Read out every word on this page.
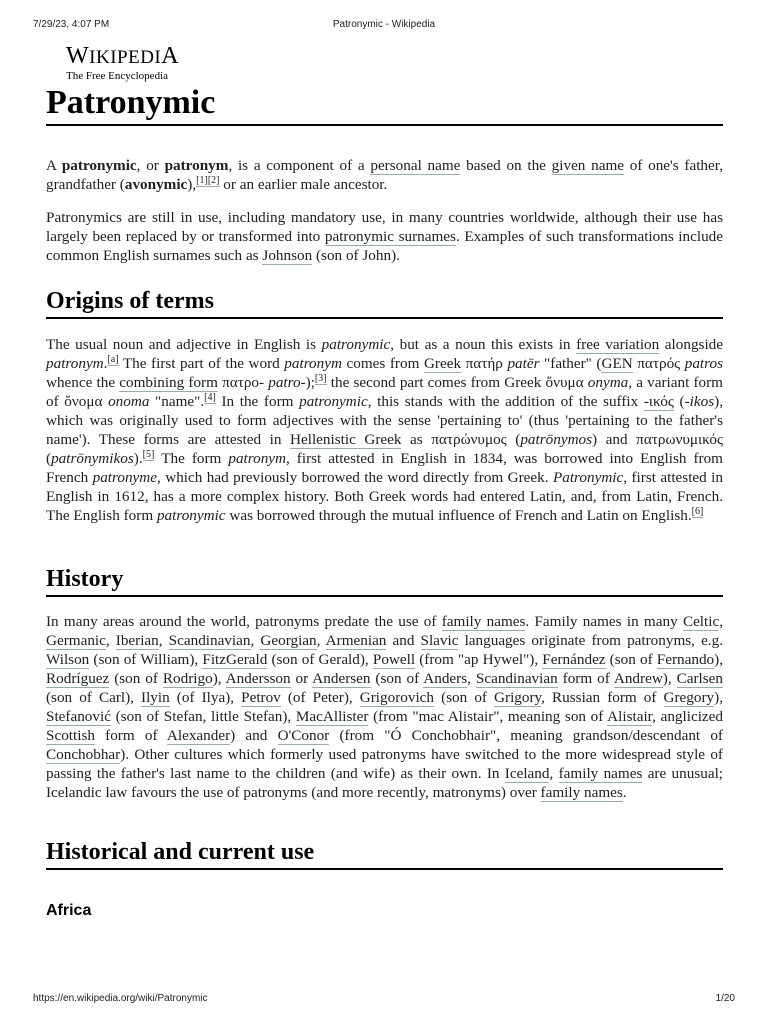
7/29/23, 4:07 PM	Patronymic - Wikipedia
WIKIPEDIA
The Free Encyclopedia
Patronymic

A patronymic, or patronym, is a component of a personal name based on the given name of one's father, grandfather (avonymic),[1][2] or an earlier male ancestor.

Patronymics are still in use, including mandatory use, in many countries worldwide, although their use has largely been replaced by or transformed into patronymic surnames. Examples of such transformations include common English surnames such as Johnson (son of John).

Origins of terms

The usual noun and adjective in English is patronymic, but as a noun this exists in free variation alongside patronym.[a] The first part of the word patronym comes from Greek πατήρ patēr "father" (GEN πατρός patros whence the combining form πατρο- patro-);[3] the second part comes from Greek ὄνυμα onyma, a variant form of ὄνομα onoma "name".[4] In the form patronymic, this stands with the addition of the suffix -ικός (-ikos), which was originally used to form adjectives with the sense 'pertaining to' (thus 'pertaining to the father's name'). These forms are attested in Hellenistic Greek as πατρώνυμος (patrōnymos) and πατρωνυμικός (patrōnymikos).[5] The form patronym, first attested in English in 1834, was borrowed into English from French patronyme, which had previously borrowed the word directly from Greek. Patronymic, first attested in English in 1612, has a more complex history. Both Greek words had entered Latin, and, from Latin, French. The English form patronymic was borrowed through the mutual influence of French and Latin on English.[6]

History

In many areas around the world, patronyms predate the use of family names. Family names in many Celtic, Germanic, Iberian, Scandinavian, Georgian, Armenian and Slavic languages originate from patronyms, e.g. Wilson (son of William), FitzGerald (son of Gerald), Powell (from "ap Hywel"), Fernández (son of Fernando), Rodríguez (son of Rodrigo), Andersson or Andersen (son of Anders, Scandinavian form of Andrew), Carlsen (son of Carl), Ilyin (of Ilya), Petrov (of Peter), Grigorovich (son of Grigory, Russian form of Gregory), Stefanović (son of Stefan, little Stefan), MacAllister (from "mac Alistair", meaning son of Alistair, anglicized Scottish form of Alexander) and O'Conor (from "Ó Conchobhair", meaning grandson/descendant of Conchobhar). Other cultures which formerly used patronyms have switched to the more widespread style of passing the father's last name to the children (and wife) as their own. In Iceland, family names are unusual; Icelandic law favours the use of patronyms (and more recently, matronyms) over family names.

Historical and current use
Africa
https://en.wikipedia.org/wiki/Patronymic	1/20
